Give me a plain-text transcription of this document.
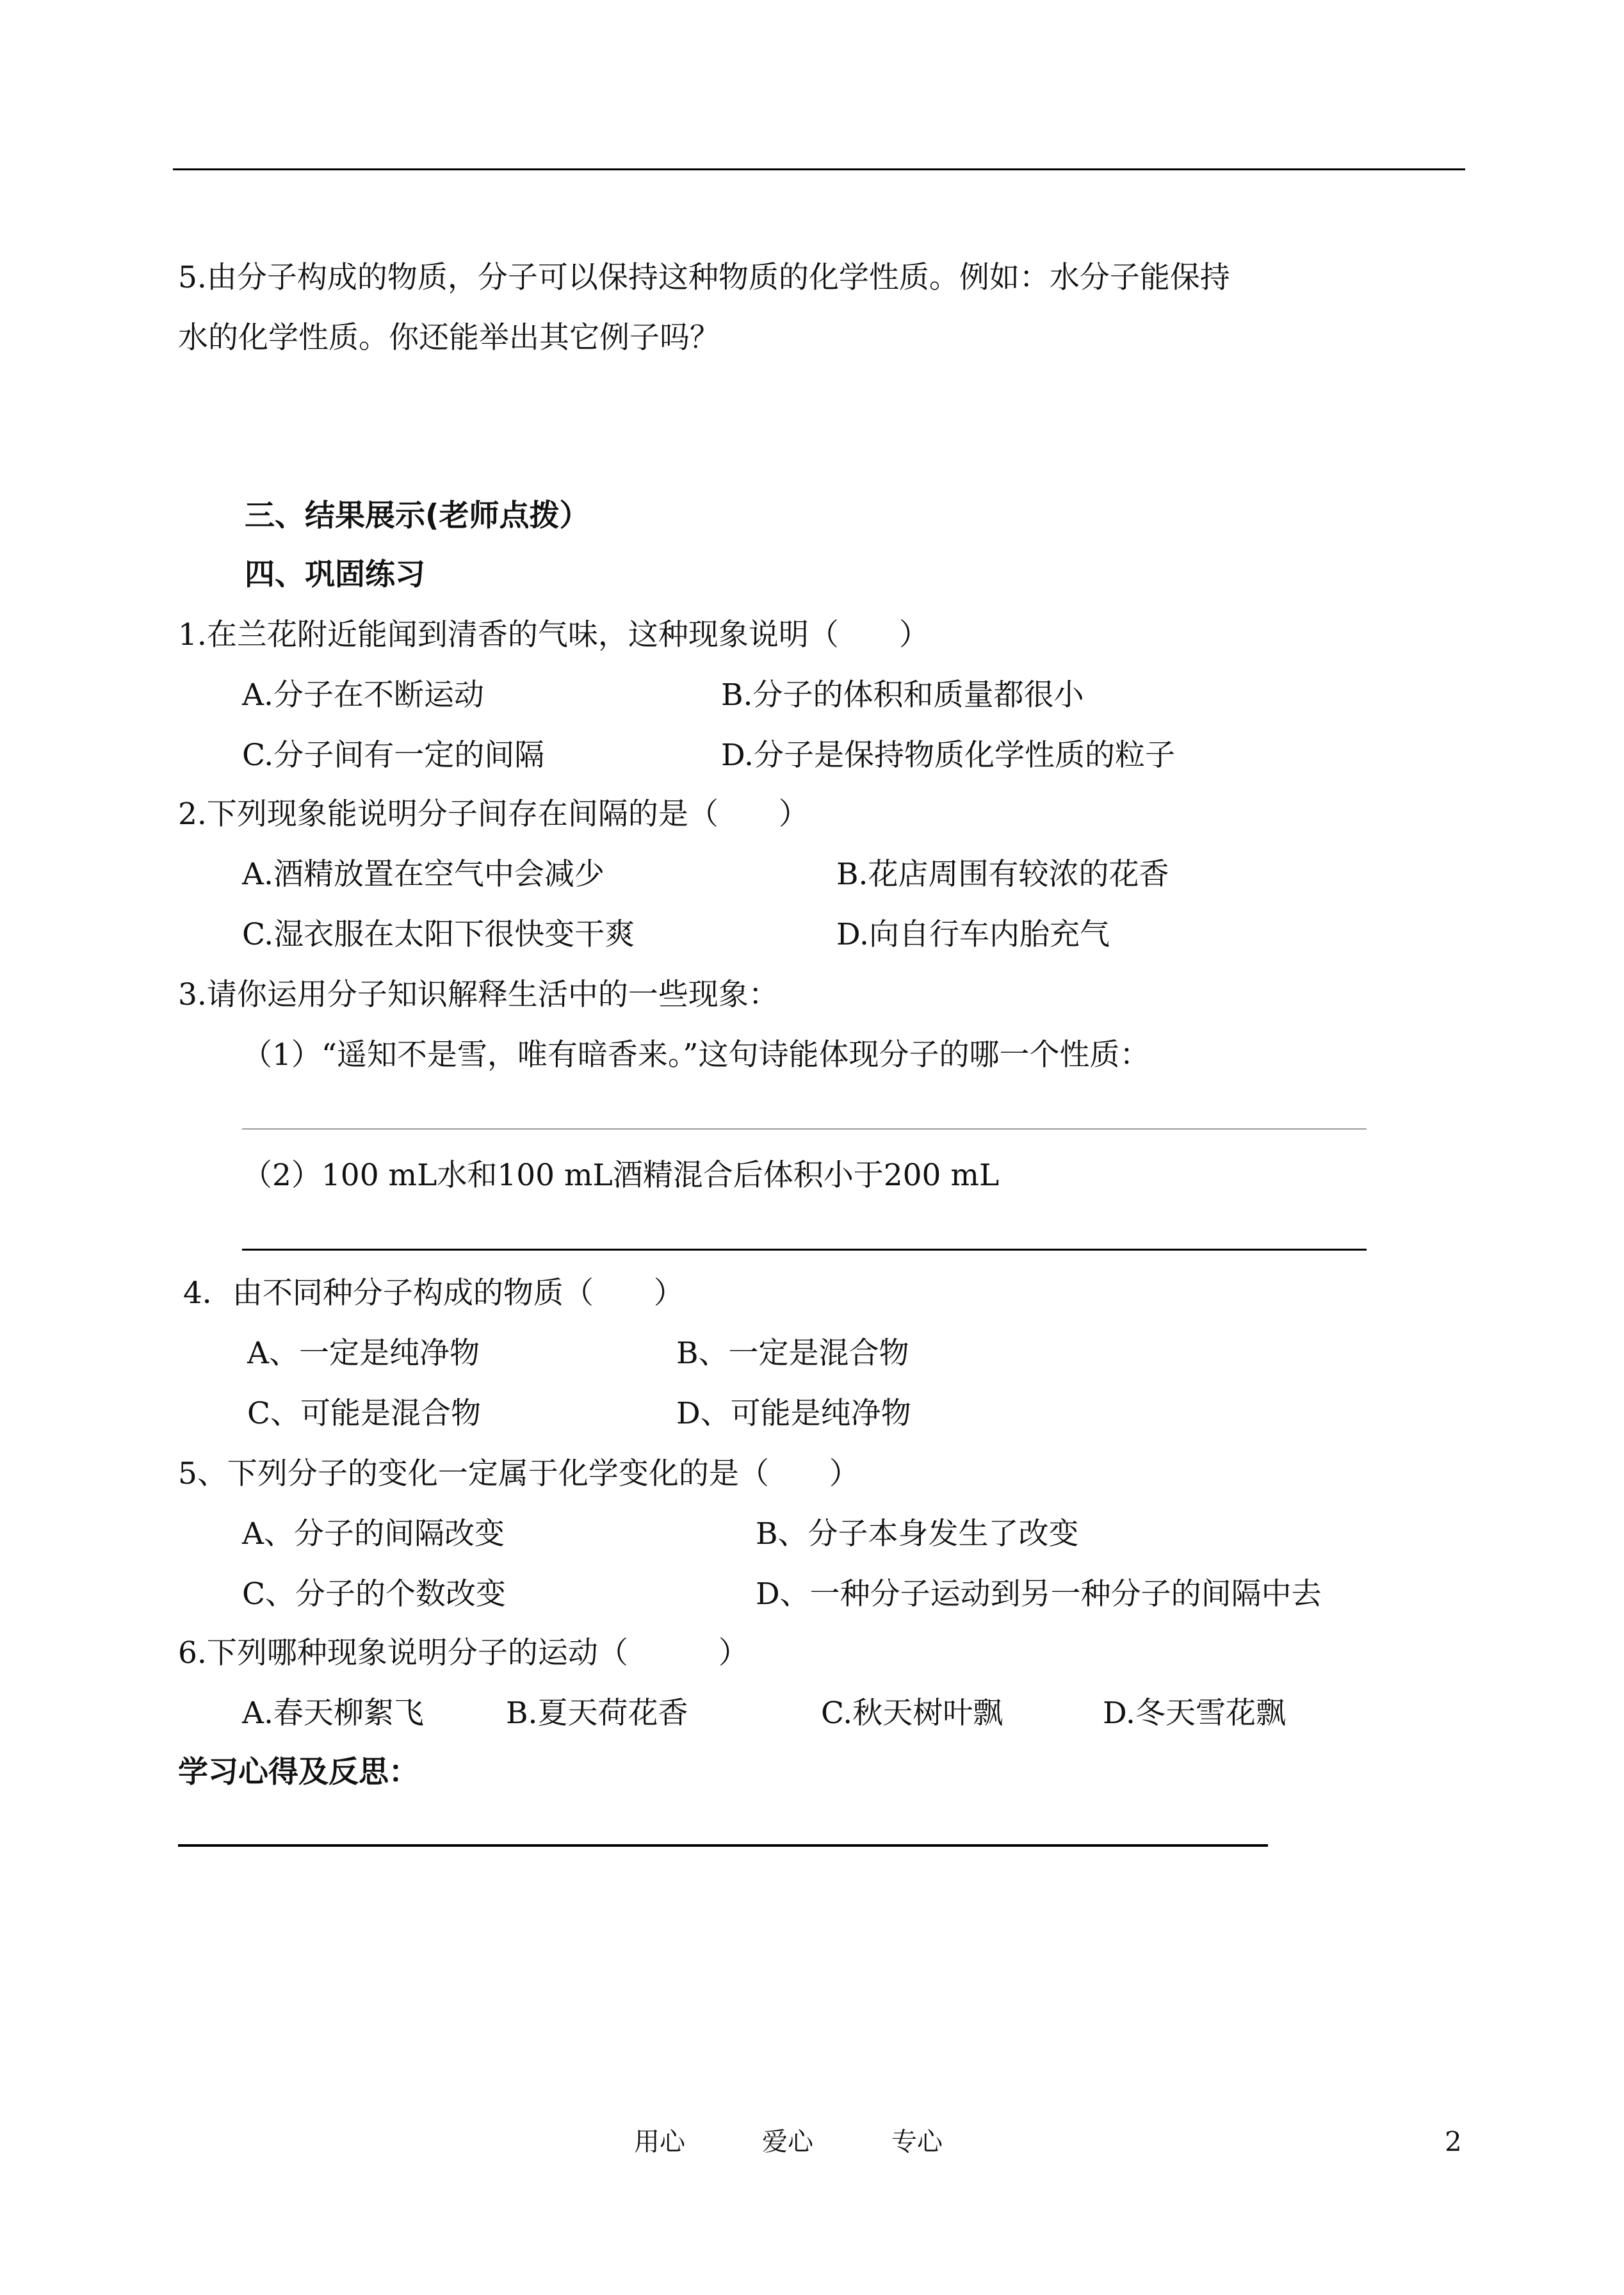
5.由分子构成的物质，分子可以保持这种物质的化学性质。例如：水分子能保持
水的化学性质。你还能举出其它例子吗？
三、结果展示(老师点拨）
四、巩固练习
1.在兰花附近能闻到清香的气味，这种现象说明（　　）
A.分子在不断运动	B.分子的体积和质量都很小
C.分子间有一定的间隔	D.分子是保持物质化学性质的粒子
2.下列现象能说明分子间存在间隔的是（　　）
A.酒精放置在空气中会减少	B.花店周围有较浓的花香
C.湿衣服在太阳下很快变干爽	D.向自行车内胎充气
3.请你运用分子知识解释生活中的一些现象：
（1）“遥知不是雪，唯有暗香来。”这句诗能体现分子的哪一个性质：
（2）100 mL水和100 mL酒精混合后体积小于200 mL
4．由不同种分子构成的物质（　　）
A、一定是纯净物	B、一定是混合物
C、可能是混合物	D、可能是纯净物
5、下列分子的变化一定属于化学变化的是（　　）
A、分子的间隔改变	B、分子本身发生了改变
C、分子的个数改变	D、一种分子运动到另一种分子的间隔中去
6.下列哪种现象说明分子的运动（　　　）
A.春天柳絮飞	B.夏天荷花香	C.秋天树叶飘	D.冬天雪花飘
学习心得及反思：
用心	爱心	专心	2
